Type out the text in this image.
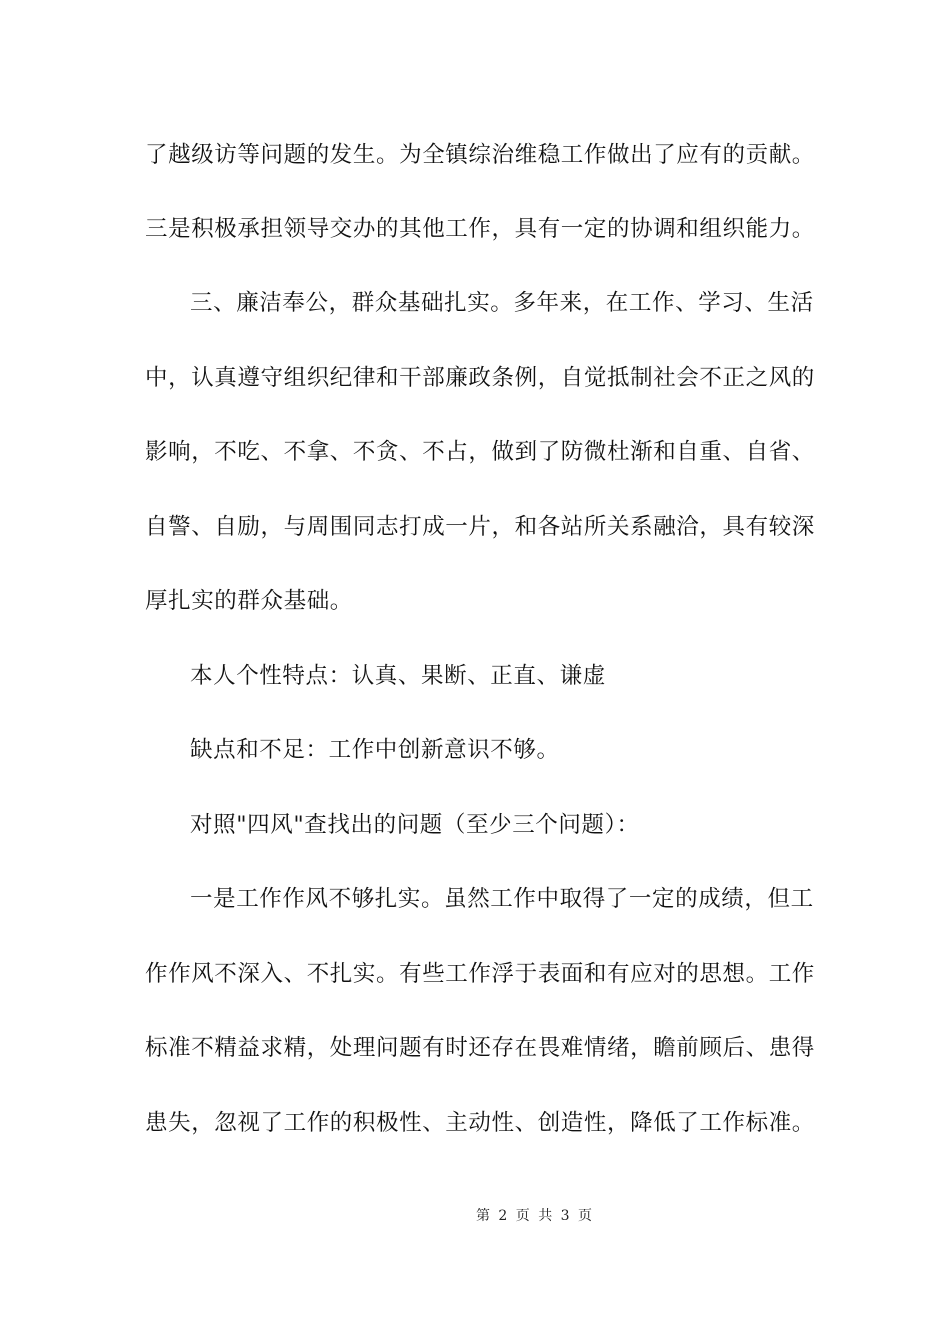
了越级访等问题的发生。为全镇综治维稳工作做出了应有的贡献。
三是积极承担领导交办的其他工作，具有一定的协调和组织能力。
三、廉洁奉公，群众基础扎实。多年来，在工作、学习、生活
中，认真遵守组织纪律和干部廉政条例，自觉抵制社会不正之风的
影响，不吃、不拿、不贪、不占，做到了防微杜渐和自重、自省、
自警、自励，与周围同志打成一片，和各站所关系融洽，具有较深
厚扎实的群众基础。
本人个性特点：认真、果断、正直、谦虚
缺点和不足：工作中创新意识不够。
对照"四风"查找出的问题（至少三个问题）：
一是工作作风不够扎实。虽然工作中取得了一定的成绩，但工
作作风不深入、不扎实。有些工作浮于表面和有应对的思想。工作
标准不精益求精，处理问题有时还存在畏难情绪，瞻前顾后、患得
患失，忽视了工作的积极性、主动性、创造性，降低了工作标准。
第 2 页 共 3 页
